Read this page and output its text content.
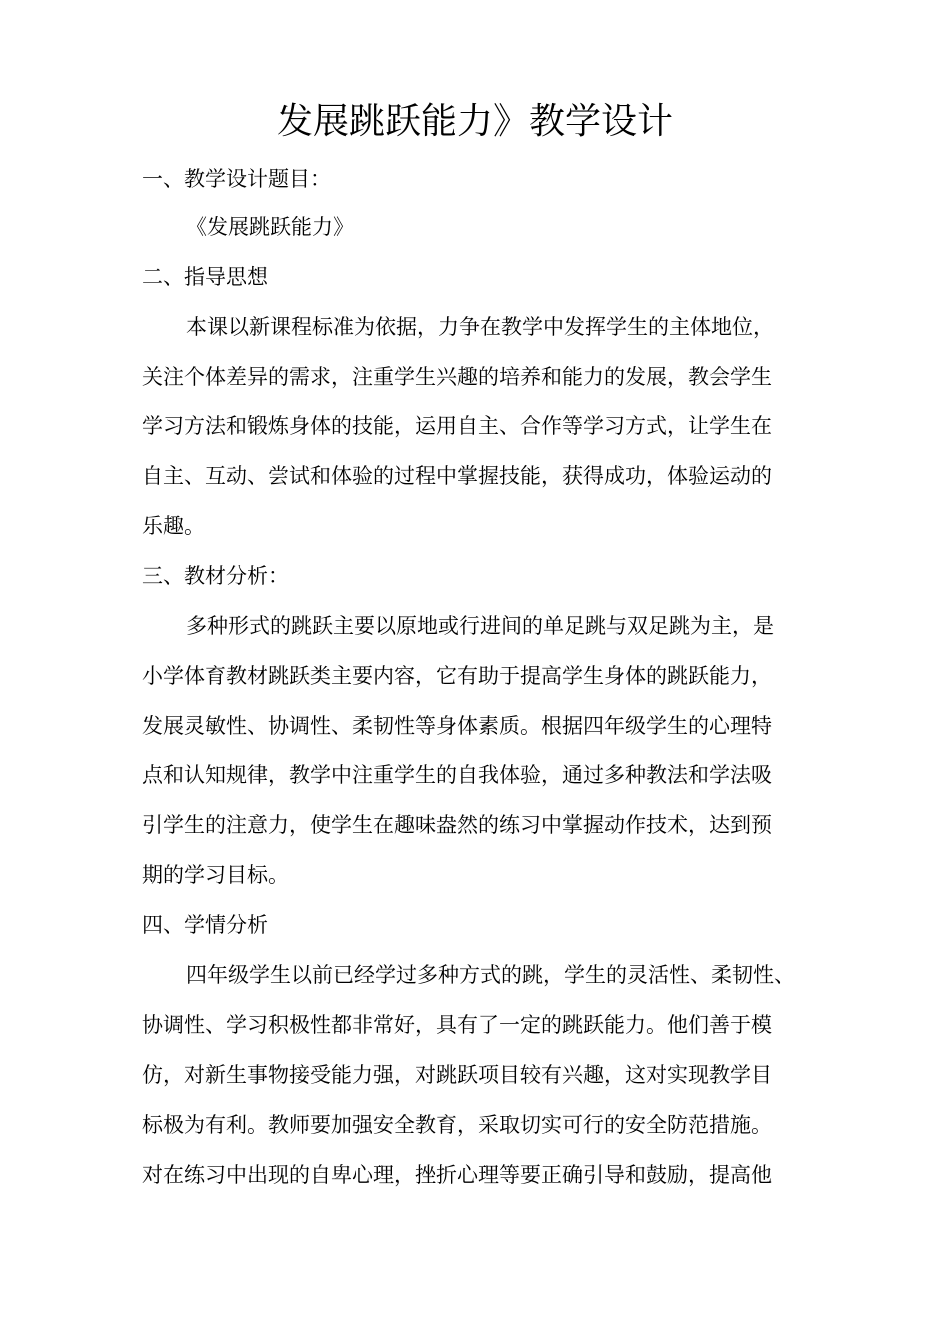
发展跳跃能力》教学设计
一、教学设计题目：
《发展跳跃能力》
二、指导思想
本课以新课程标准为依据，力争在教学中发挥学生的主体地位，
关注个体差异的需求，注重学生兴趣的培养和能力的发展，教会学生
学习方法和锻炼身体的技能，运用自主、合作等学习方式，让学生在
自主、互动、尝试和体验的过程中掌握技能，获得成功，体验运动的
乐趣。
三、教材分析：
多种形式的跳跃主要以原地或行进间的单足跳与双足跳为主，是
小学体育教材跳跃类主要内容，它有助于提高学生身体的跳跃能力，
发展灵敏性、协调性、柔韧性等身体素质。根据四年级学生的心理特
点和认知规律，教学中注重学生的自我体验，通过多种教法和学法吸
引学生的注意力，使学生在趣味盎然的练习中掌握动作技术，达到预
期的学习目标。
四、学情分析
四年级学生以前已经学过多种方式的跳，学生的灵活性、柔韧性、
协调性、学习积极性都非常好，具有了一定的跳跃能力。他们善于模
仿，对新生事物接受能力强，对跳跃项目较有兴趣，这对实现教学目
标极为有利。教师要加强安全教育，采取切实可行的安全防范措施。
对在练习中出现的自卑心理，挫折心理等要正确引导和鼓励，提高他
